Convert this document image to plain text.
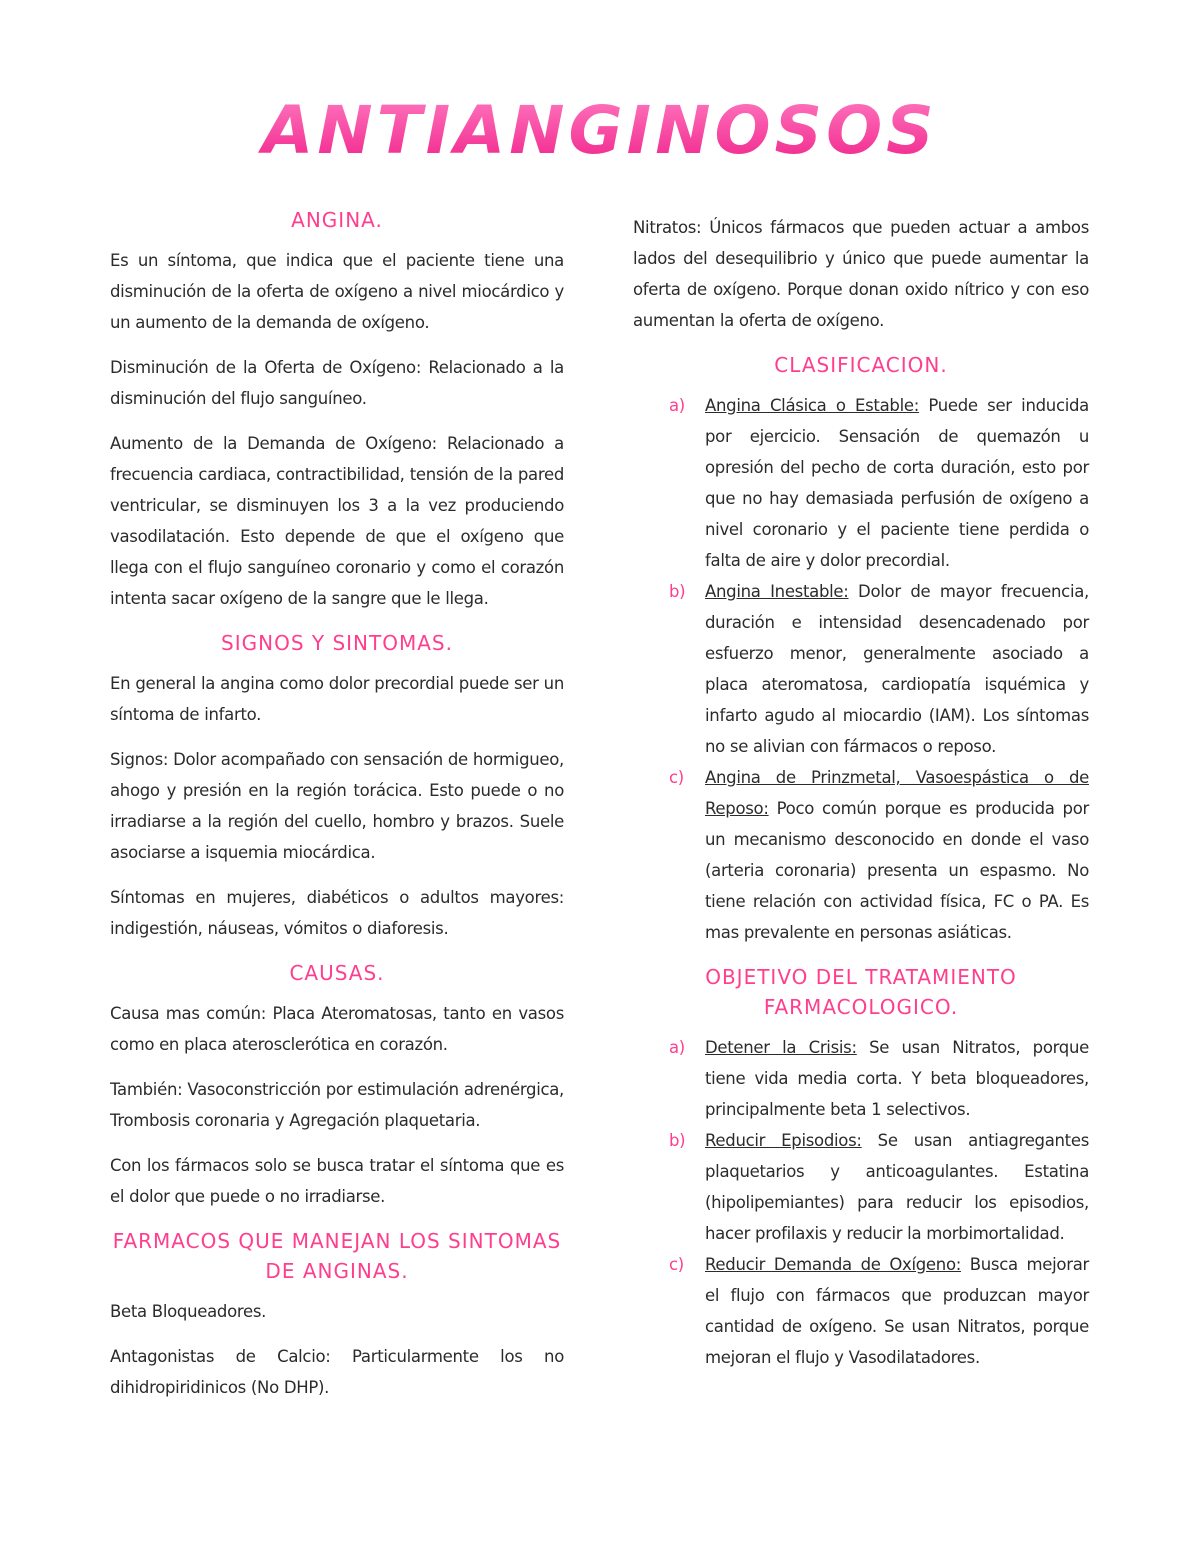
ANTIANGINOSOS
ANGINA.

Es un síntoma, que indica que el paciente tiene una disminución de la oferta de oxígeno a nivel miocárdico y un aumento de la demanda de oxígeno.

Disminución de la Oferta de Oxígeno: Relacionado a la disminución del flujo sanguíneo.

Aumento de la Demanda de Oxígeno: Relacionado a frecuencia cardiaca, contractibilidad, tensión de la pared ventricular, se disminuyen los 3 a la vez produciendo vasodilatación. Esto depende de que el oxígeno que llega con el flujo sanguíneo coronario y como el corazón intenta sacar oxígeno de la sangre que le llega.

SIGNOS Y SINTOMAS.

En general la angina como dolor precordial puede ser un síntoma de infarto.

Signos: Dolor acompañado con sensación de hormigueo, ahogo y presión en la región torácica. Esto puede o no irradiarse a la región del cuello, hombro y brazos. Suele asociarse a isquemia miocárdica.

Síntomas en mujeres, diabéticos o adultos mayores: indigestión, náuseas, vómitos o diaforesis.

CAUSAS.

Causa mas común: Placa Ateromatosas, tanto en vasos como en placa aterosclerótica en corazón.

También: Vasoconstricción por estimulación adrenérgica, Trombosis coronaria y Agregación plaquetaria.

Con los fármacos solo se busca tratar el síntoma que es el dolor que puede o no irradiarse.

FARMACOS QUE MANEJAN LOS SINTOMAS DE ANGINAS.

Beta Bloqueadores.

Antagonistas de Calcio: Particularmente los no dihidropiridinicos (No DHP).

Nitratos: Únicos fármacos que pueden actuar a ambos lados del desequilibrio y único que puede aumentar la oferta de oxígeno. Porque donan oxido nítrico y con eso aumentan la oferta de oxígeno.

CLASIFICACION.
a) Angina Clásica o Estable: Puede ser inducida por ejercicio. Sensación de quemazón u opresión del pecho de corta duración, esto por que no hay demasiada perfusión de oxígeno a nivel coronario y el paciente tiene perdida o falta de aire y dolor precordial.
b) Angina Inestable: Dolor de mayor frecuencia, duración e intensidad desencadenado por esfuerzo menor, generalmente asociado a placa ateromatosa, cardiopatía isquémica y infarto agudo al miocardio (IAM). Los síntomas no se alivian con fármacos o reposo.
c) Angina de Prinzmetal, Vasoespástica o de Reposo: Poco común porque es producida por un mecanismo desconocido en donde el vaso (arteria coronaria) presenta un espasmo. No tiene relación con actividad física, FC o PA. Es mas prevalente en personas asiáticas.
OBJETIVO DEL TRATAMIENTO FARMACOLOGICO.
a) Detener la Crisis: Se usan Nitratos, porque tiene vida media corta. Y beta bloqueadores, principalmente beta 1 selectivos.
b) Reducir Episodios: Se usan antiagregantes plaquetarios y anticoagulantes. Estatina (hipolipemiantes) para reducir los episodios, hacer profilaxis y reducir la morbimortalidad.
c) Reducir Demanda de Oxígeno: Busca mejorar el flujo con fármacos que produzcan mayor cantidad de oxígeno. Se usan Nitratos, porque mejoran el flujo y Vasodilatadores.
